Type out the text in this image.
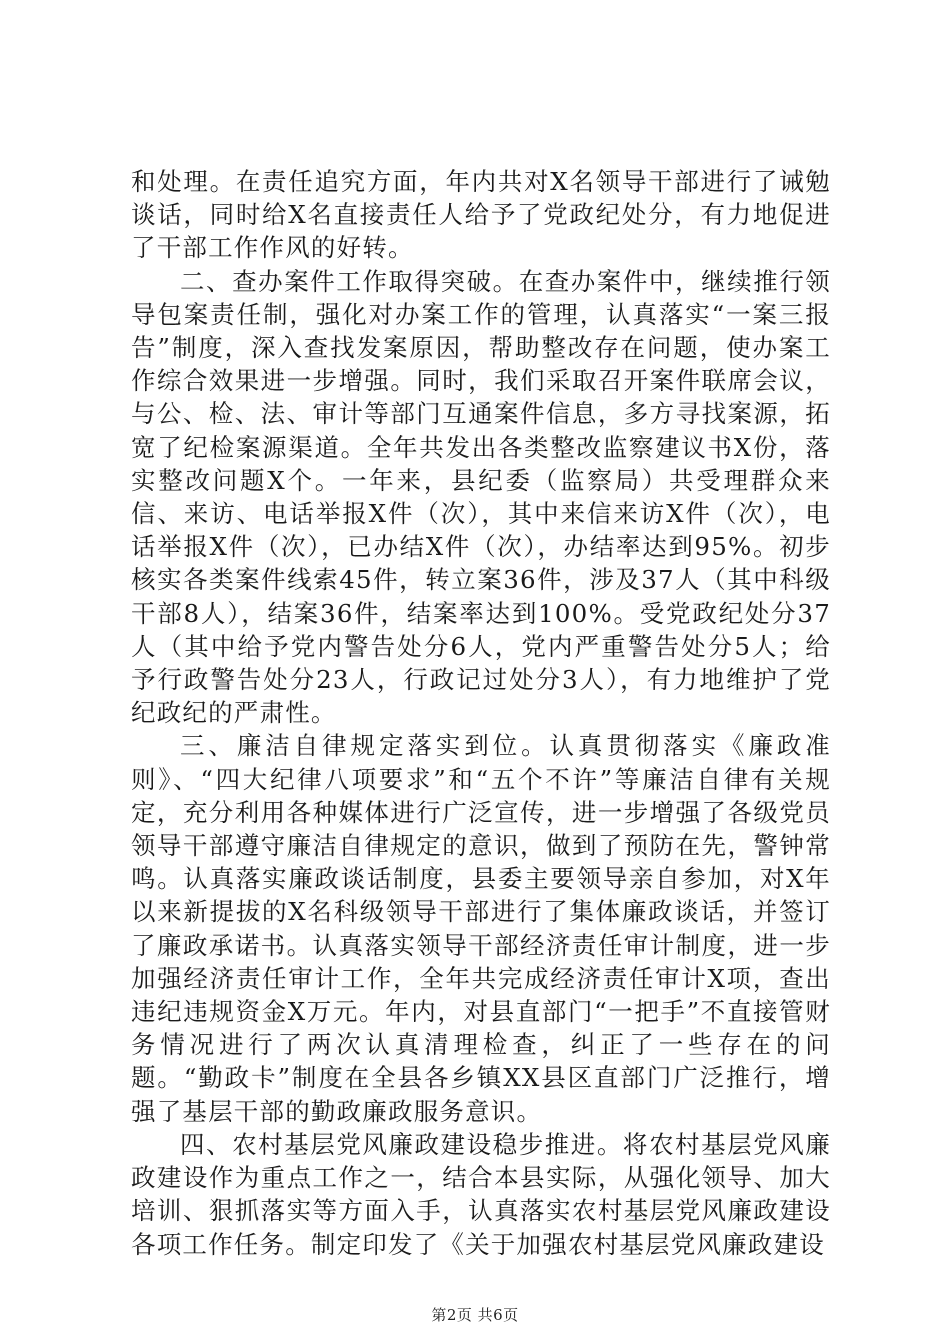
和处理。在责任追究方面，年内共对X名领导干部进行了诫勉谈话，同时给X名直接责任人给予了党政纪处分，有力地促进了干部工作作风的好转。

二、查办案件工作取得突破。在查办案件中，继续推行领导包案责任制，强化对办案工作的管理，认真落实“一案三报告”制度，深入查找发案原因，帮助整改存在问题，使办案工作综合效果进一步增强。同时，我们采取召开案件联席会议，与公、检、法、审计等部门互通案件信息，多方寻找案源，拓宽了纪检案源渠道。全年共发出各类整改监察建议书X份，落实整改问题X个。一年来，县纪委（监察局）共受理群众来信、来访、电话举报X件（次），其中来信来访X件（次），电话举报X件（次），已办结X件（次），办结率达到95%。初步核实各类案件线索45件，转立案36件，涉及37人（其中科级干部8人），结案36件，结案率达到100%。受党政纪处分37人（其中给予党内警告处分6人，党内严重警告处分5人；给予行政警告处分23人，行政记过处分3人），有力地维护了党纪政纪的严肃性。

三、廉洁自律规定落实到位。认真贯彻落实《廉政准则》、“四大纪律八项要求”和“五个不许”等廉洁自律有关规定，充分利用各种媒体进行广泛宣传，进一步增强了各级党员领导干部遵守廉洁自律规定的意识，做到了预防在先，警钟常鸣。认真落实廉政谈话制度，县委主要领导亲自参加，对X年以来新提拔的X名科级领导干部进行了集体廉政谈话，并签订了廉政承诺书。认真落实领导干部经济责任审计制度，进一步加强经济责任审计工作，全年共完成经济责任审计X项，查出违纪违规资金X万元。年内，对县直部门“一把手”不直接管财务情况进行了两次认真清理检查，纠正了一些存在的问题。“勤政卡”制度在全县各乡镇XX县区直部门广泛推行，增强了基层干部的勤政廉政服务意识。

四、农村基层党风廉政建设稳步推进。将农村基层党风廉政建设作为重点工作之一，结合本县实际，从强化领导、加大培训、狠抓落实等方面入手，认真落实农村基层党风廉政建设各项工作任务。制定印发了《关于加强农村基层党风廉政建设

第2页 共6页
